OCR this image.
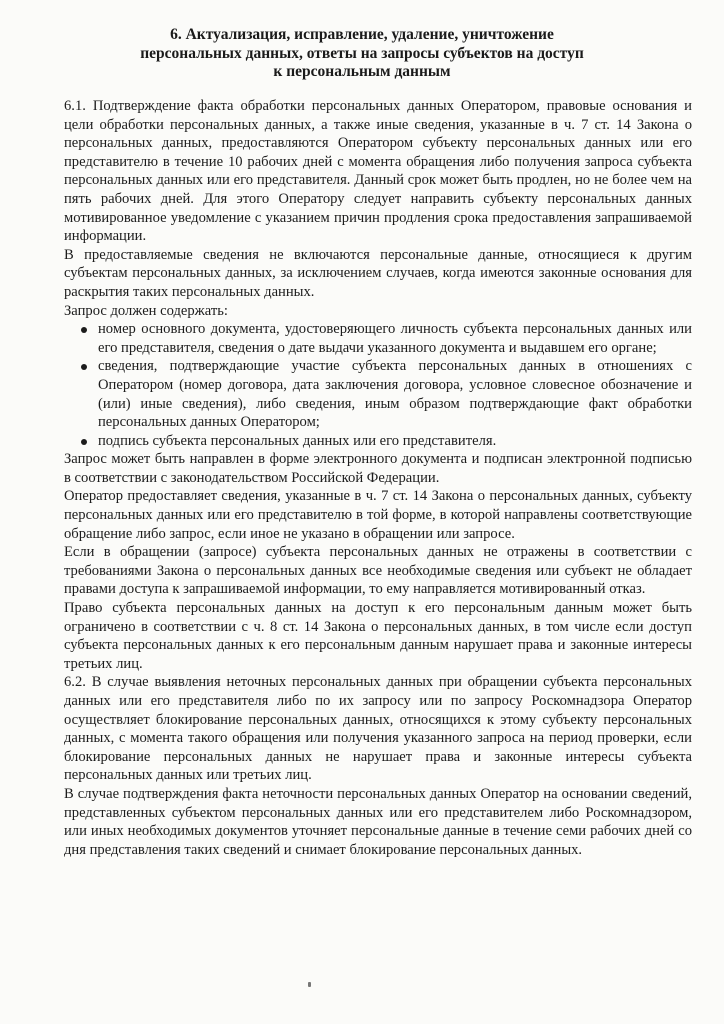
6. Актуализация, исправление, удаление, уничтожение
персональных данных, ответы на запросы субъектов на доступ
к персональным данным

6.1. Подтверждение факта обработки персональных данных Оператором, правовые основания и цели обработки персональных данных, а также иные сведения, указанные в ч. 7 ст. 14 Закона о персональных данных, предоставляются Оператором субъекту персональных данных или его представителю в течение 10 рабочих дней с момента обращения либо получения запроса субъекта персональных данных или его представителя. Данный срок может быть продлен, но не более чем на пять рабочих дней. Для этого Оператору следует направить субъекту персональных данных мотивированное уведомление с указанием причин продления срока предоставления запрашиваемой информации.

В предоставляемые сведения не включаются персональные данные, относящиеся к другим субъектам персональных данных, за исключением случаев, когда имеются законные основания для раскрытия таких персональных данных.

Запрос должен содержать:

номер основного документа, удостоверяющего личность субъекта персональных данных или его представителя, сведения о дате выдачи указанного документа и выдавшем его органе;
сведения, подтверждающие участие субъекта персональных данных в отношениях с Оператором (номер договора, дата заключения договора, условное словесное обозначение и (или) иные сведения), либо сведения, иным образом подтверждающие факт обработки персональных данных Оператором;
подпись субъекта персональных данных или его представителя.

Запрос может быть направлен в форме электронного документа и подписан электронной подписью в соответствии с законодательством Российской Федерации.

Оператор предоставляет сведения, указанные в ч. 7 ст. 14 Закона о персональных данных, субъекту персональных данных или его представителю в той форме, в которой направлены соответствующие обращение либо запрос, если иное не указано в обращении или запросе.

Если в обращении (запросе) субъекта персональных данных не отражены в соответствии с требованиями Закона о персональных данных все необходимые сведения или субъект не обладает правами доступа к запрашиваемой информации, то ему направляется мотивированный отказ.

Право субъекта персональных данных на доступ к его персональным данным может быть ограничено в соответствии с ч. 8 ст. 14 Закона о персональных данных, в том числе если доступ субъекта персональных данных к его персональным данным нарушает права и законные интересы третьих лиц.

6.2. В случае выявления неточных персональных данных при обращении субъекта персональных данных или его представителя либо по их запросу или по запросу Роскомнадзора Оператор осуществляет блокирование персональных данных, относящихся к этому субъекту персональных данных, с момента такого обращения или получения указанного запроса на период проверки, если блокирование персональных данных не нарушает права и законные интересы субъекта персональных данных или третьих лиц.

В случае подтверждения факта неточности персональных данных Оператор на основании сведений, представленных субъектом персональных данных или его представителем либо Роскомнадзором, или иных необходимых документов уточняет персональные данные в течение семи рабочих дней со дня представления таких сведений и снимает блокирование персональных данных.
